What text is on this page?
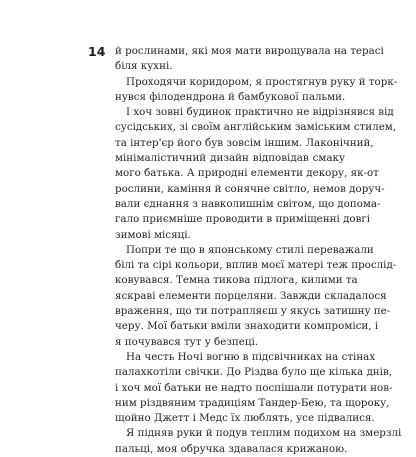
14 й рослинами, які моя мати вирощувала на терасі
біля кухні.
Проходячи коридором, я простягнув руку й торк-
нувся філодендрона й бамбукової пальми.
І хоч зовні будинок практично не відрізнявся від
сусідських, зі своїм англійським заміським стилем,
та інтер'єр його був зовсім іншим. Лаконічний,
мінімалістичний дизайн відповідав смаку
мого батька. А природні елементи декору, як-от
рослини, каміння й сонячне світло, немов доруч-
вали єднання з навколишнім світом, що допома-
гало приємніше проводити в приміщенні довгі
зимові місяці.
Попри те що в японському стилі переважали
білі та сірі кольори, вплив моєї матері теж прослід-
ковувався. Темна тикова підлога, килими та
яскраві елементи порцеляни. Завжди складалося
враження, що ти потрапляєш у якусь затишну пе-
черу. Мої батьки вміли знаходити компроміси, і
я почувався тут у безпеці.
На честь Ночі вогню в підсвічниках на стінах
палахкотіли свічки. До Різдва було ще кілька днів,
і хоч мої батьки не надто поспішали потурати нов-
ним різдвяним традиціям Тандер-Бею, та щороку,
щойно Джетт і Медс їх люблять, усе підвалися.
Я підняв руки й подув теплим подихом на змерзлі
пальці, моя обручка здавалася крижаною.
